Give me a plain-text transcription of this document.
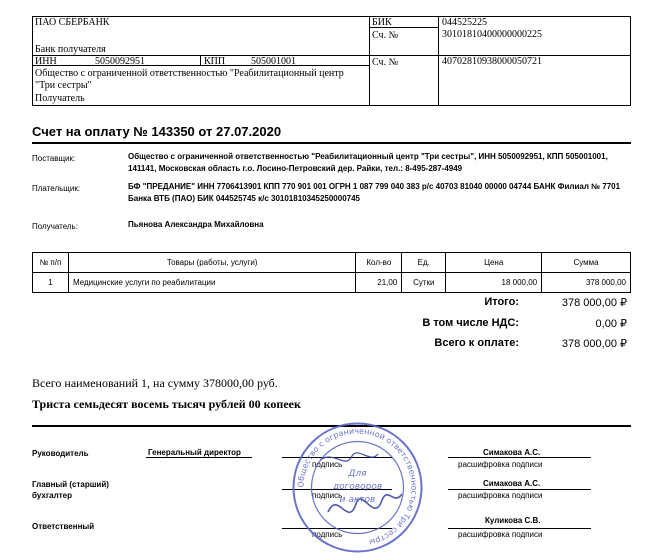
ПАО СБЕРБАНК
Банк получателя
БИК	044525225
Сч. №	30101810400000000225
ИНН	5050092951	КПП	505001001	Сч. №	40702810938000050721
Общество с ограниченной ответственностью "Реабилитационный центр
"Три сестры"
Получатель
Счет на оплату № 143350 от 27.07.2020
Поставщик:	Общество с ограниченной ответственностью "Реабилитационный центр "Три сестры", ИНН 5050092951, КПП 505001001, 141141, Московская область г.о. Лосино-Петровский дер. Райки, тел.: 8-495-287-4949
Плательщик:	БФ "ПРЕДАНИЕ" ИНН 7706413901 КПП 770 901 001 ОГРН 1 087 799 040 383 р/с 40703 81040 00000 04744 БАНК Филиал № 7701 Банка ВТБ (ПАО) БИК 044525745 к/с 30101810345250000745
Получатель:	Пьянова Александра Михайловна
№ п/п	Товары (работы, услуги)	Кол-во	Ед.	Цена	Сумма
1	Медицинские услуги по реабилитации	21,00	Сутки	18 000,00	378 000,00
Итого:	378 000,00 ₽
В том числе НДС:	0,00 ₽
Всего к оплате:	378 000,00 ₽
Всего наименований 1, на сумму 378000,00 руб.
Триста семьдесят восемь тысяч рублей 00 копеек
Руководитель	Генеральный директор
подпись
Симакова А.С.
расшифровка подписи
Главный (старший)
бухгалтер	подпись
Симакова А.С.
расшифровка подписи
Ответственный
подпись
Куликова С.В.
расшифровка подписи
Общество с ограниченной ответственностью Три сестры
Для
договоров
и актов
